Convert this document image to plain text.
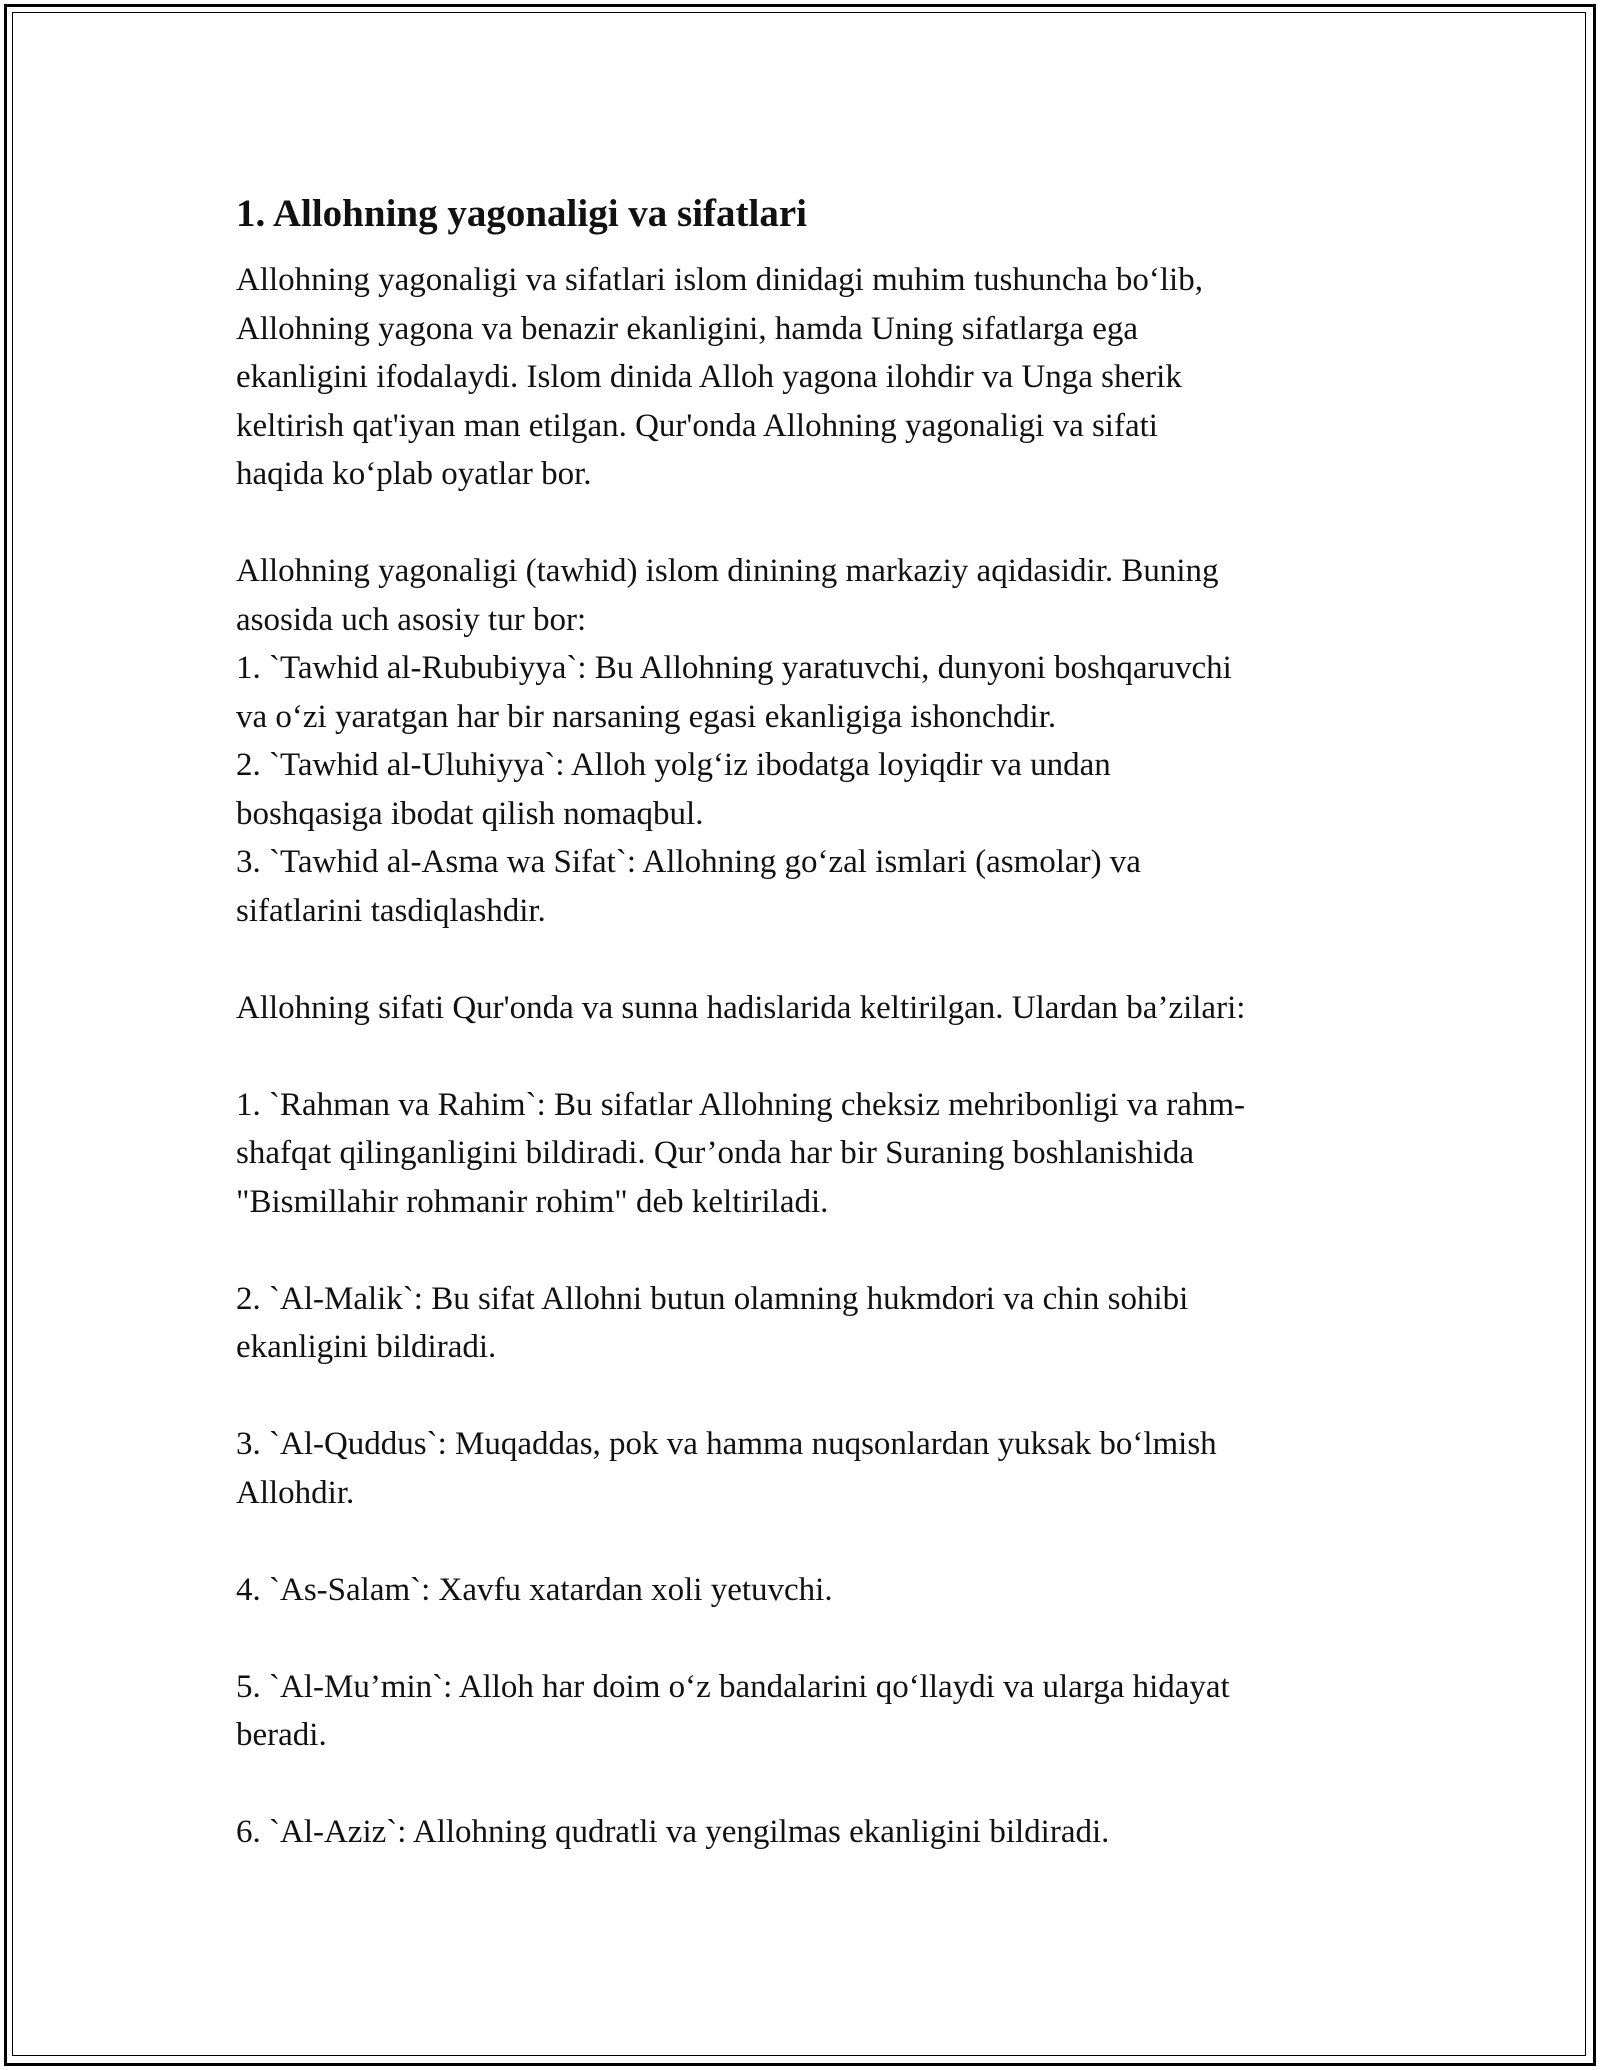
1. Allohning yagonaligi va sifatlari

Allohning yagonaligi va sifatlari islom dinidagi muhim tushuncha bo‘lib,
Allohning yagona va benazir ekanligini, hamda Uning sifatlarga ega
ekanligini ifodalaydi. Islom dinida Alloh yagona ilohdir va Unga sherik
keltirish qat'iyan man etilgan. Qur'onda Allohning yagonaligi va sifati
haqida ko‘plab oyatlar bor.

Allohning yagonaligi (tawhid) islom dinining markaziy aqidasidir. Buning
asosida uch asosiy tur bor:
1. `Tawhid al-Rububiyya`: Bu Allohning yaratuvchi, dunyoni boshqaruvchi
va o‘zi yaratgan har bir narsaning egasi ekanligiga ishonchdir.
2. `Tawhid al-Uluhiyya`: Alloh yolg‘iz ibodatga loyiqdir va undan
boshqasiga ibodat qilish nomaqbul.
3. `Tawhid al-Asma wa Sifat`: Allohning go‘zal ismlari (asmolar) va
sifatlarini tasdiqlashdir.

Allohning sifati Qur'onda va sunna hadislarida keltirilgan. Ulardan ba’zilari:

1. `Rahman va Rahim`: Bu sifatlar Allohning cheksiz mehribonligi va rahm-
shafqat qilinganligini bildiradi. Qur’onda har bir Suraning boshlanishida
"Bismillahir rohmanir rohim" deb keltiriladi.

2. `Al-Malik`: Bu sifat Allohni butun olamning hukmdori va chin sohibi
ekanligini bildiradi.

3. `Al-Quddus`: Muqaddas, pok va hamma nuqsonlardan yuksak bo‘lmish
Allohdir.

4. `As-Salam`: Xavfu xatardan xoli yetuvchi.

5. `Al-Mu’min`: Alloh har doim o‘z bandalarini qo‘llaydi va ularga hidayat
beradi.

6. `Al-Aziz`: Allohning qudratli va yengilmas ekanligini bildiradi.
